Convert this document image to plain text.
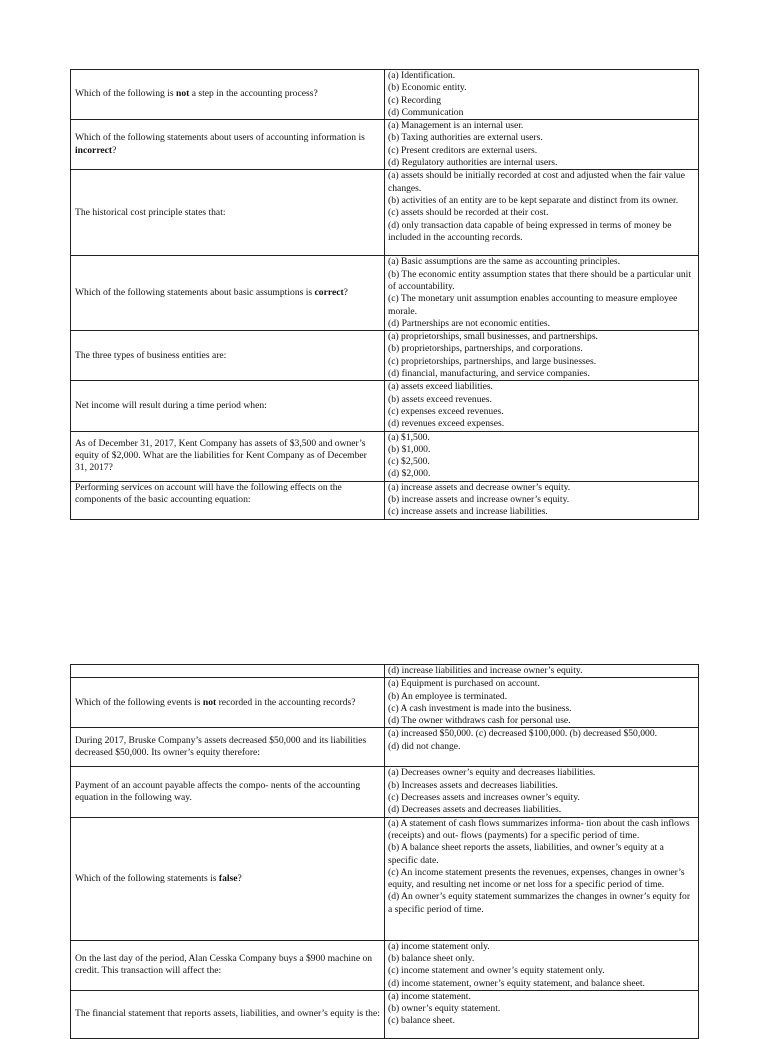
Which of the following is not a step in the accounting process?	(a) Identification.
(b) Economic entity.
(c) Recording
(d) Communication

Which of the following statements about users of accounting information is incorrect?	(a) Management is an internal user.
(b) Taxing authorities are external users.
(c) Present creditors are external users.
(d) Regulatory authorities are internal users.

The historical cost principle states that:	(a) assets should be initially recorded at cost and adjusted when the fair value changes.
(b) activities of an entity are to be kept separate and distinct from its owner.
(c) assets should be recorded at their cost.
(d) only transaction data capable of being expressed in terms of money be included in the accounting records.

Which of the following statements about basic assumptions is correct?	(a) Basic assumptions are the same as accounting principles.
(b) The economic entity assumption states that there should be a particular unit of accountability.
(c) The monetary unit assumption enables accounting to measure employee morale.
(d) Partnerships are not economic entities.

The three types of business entities are:	(a) proprietorships, small businesses, and partnerships.
(b) proprietorships, partnerships, and corporations.
(c) proprietorships, partnerships, and large businesses.
(d) financial, manufacturing, and service companies.

Net income will result during a time period when:	(a) assets exceed liabilities.
(b) assets exceed revenues.
(c) expenses exceed revenues.
(d) revenues exceed expenses.

As of December 31, 2017, Kent Company has assets of $3,500 and owner’s equity of $2,000. What are the liabilities for Kent Company as of December 31, 2017?	(a) $1,500.
(b) $1,000.
(c) $2,500.
(d) $2,000.

Performing services on account will have the following effects on the components of the basic accounting equation:	(a) increase assets and decrease owner’s equity.
(b) increase assets and increase owner’s equity.
(c) increase assets and increase liabilities.

	(d) increase liabilities and increase owner’s equity.

Which of the following events is not recorded in the accounting records?	(a) Equipment is purchased on account.
(b) An employee is terminated.
(c) A cash investment is made into the business.
(d) The owner withdraws cash for personal use.

During 2017, Bruske Company’s assets decreased $50,000 and its liabilities decreased $50,000. Its owner’s equity therefore:	(a) increased $50,000. (c) decreased $100,000. (b) decreased $50,000.
(d) did not change.

Payment of an account payable affects the compo- nents of the accounting equation in the following way.	(a) Decreases owner’s equity and decreases liabilities.
(b) Increases assets and decreases liabilities.
(c) Decreases assets and increases owner’s equity.
(d) Decreases assets and decreases liabilities.

Which of the following statements is false?	(a) A statement of cash flows summarizes informa- tion about the cash inflows (receipts) and out- flows (payments) for a specific period of time.
(b) A balance sheet reports the assets, liabilities, and owner’s equity at a specific date.
(c) An income statement presents the revenues, expenses, changes in owner’s equity, and resulting net income or net loss for a specific period of time.
(d) An owner’s equity statement summarizes the changes in owner’s equity for a specific period of time.

On the last day of the period, Alan Cesska Company buys a $900 machine on credit. This transaction will affect the:	(a) income statement only.
(b) balance sheet only.
(c) income statement and owner’s equity statement only.
(d) income statement, owner’s equity statement, and balance sheet.

The financial statement that reports assets, liabilities, and owner’s equity is the:	(a) income statement.
(b) owner’s equity statement.
(c) balance sheet.
